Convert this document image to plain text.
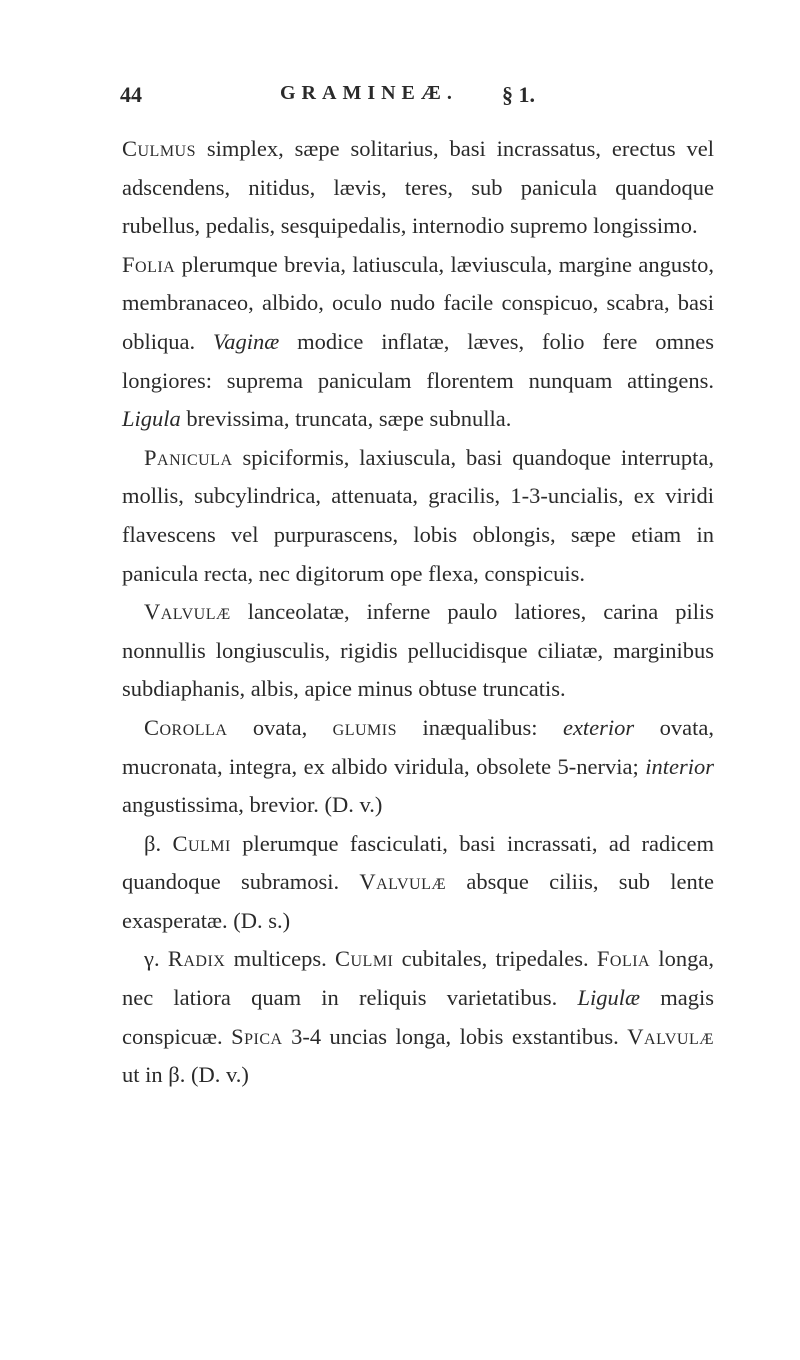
44	GRAMINEÆ. § 1.

Culmus simplex, sæpe solitarius, basi incrassatus, erectus vel adscendens, nitidus, lævis, teres, sub panicula quandoque rubellus, pedalis, sesquipedalis, internodio supremo longissimo.

Folia plerumque brevia, latiuscula, læviuscula, margine angusto, membranaceo, albido, oculo nudo facile conspicuo, scabra, basi obliqua. Vaginæ modice inflatæ, læves, folio fere omnes longiores: suprema paniculam florentem nunquam attingens. Ligula brevissima, truncata, sæpe subnulla.

Panicula spiciformis, laxiuscula, basi quandoque interrupta, mollis, subcylindrica, attenuata, gracilis, 1-3-uncialis, ex viridi flavescens vel purpurascens, lobis oblongis, sæpe etiam in panicula recta, nec digitorum ope flexa, conspicuis.

Valvulæ lanceolatæ, inferne paulo latiores, carina pilis nonnullis longiusculis, rigidis pellucidisque ciliatæ, marginibus subdiaphanis, albis, apice minus obtuse truncatis.

Corolla ovata, glumis inæqualibus: exterior ovata, mucronata, integra, ex albido viridula, obsolete 5-nervia; interior angustissima, brevior. (D. v.)

β. Culmi plerumque fasciculati, basi incrassati, ad radicem quandoque subramosi. Valvulæ absque ciliis, sub lente exasperatæ. (D. s.)

γ. Radix multiceps. Culmi cubitales, tripedales. Folia longa, nec latiora quam in reliquis varietatibus. Ligulæ magis conspicuæ. Spica 3-4 uncias longa, lobis exstantibus. Valvulæ ut in β. (D. v.)
